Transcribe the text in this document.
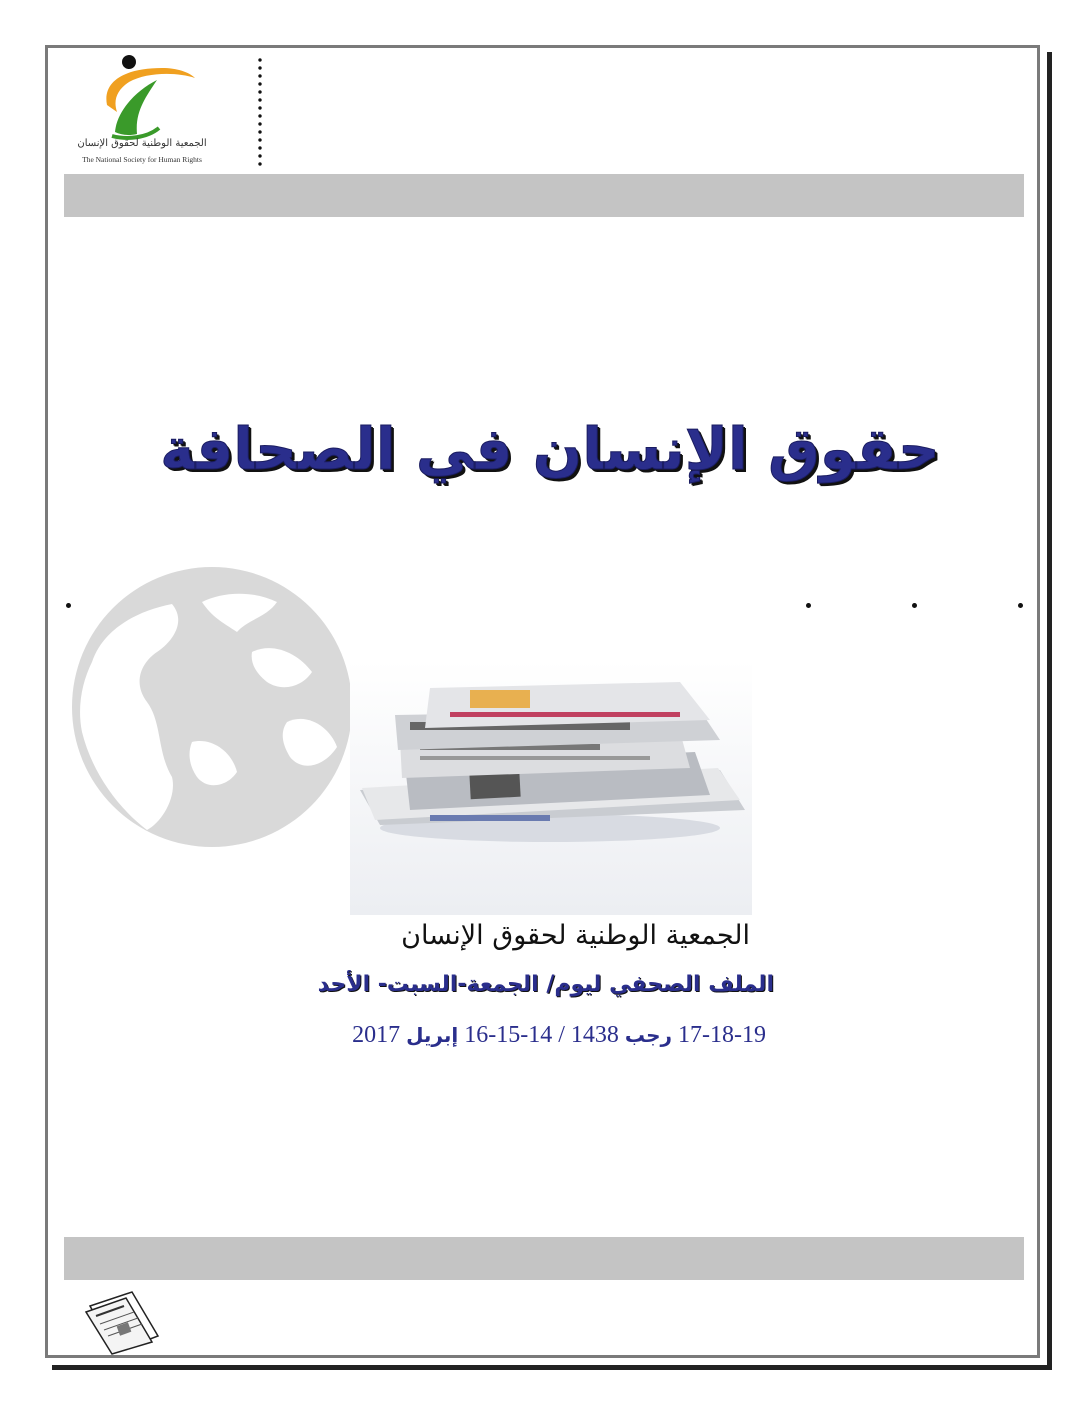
الجمعية الوطنية لحقوق الإنسان
The National Society for Human Rights
حقوق الإنسان في الصحافة
الجمعية الوطنية لحقوق الإنسان
الملف الصحفي ليوم/ الجمعة-السبت- الأحد
17-18-19 رجب 1438 / 14-15-16 إبريل 2017
